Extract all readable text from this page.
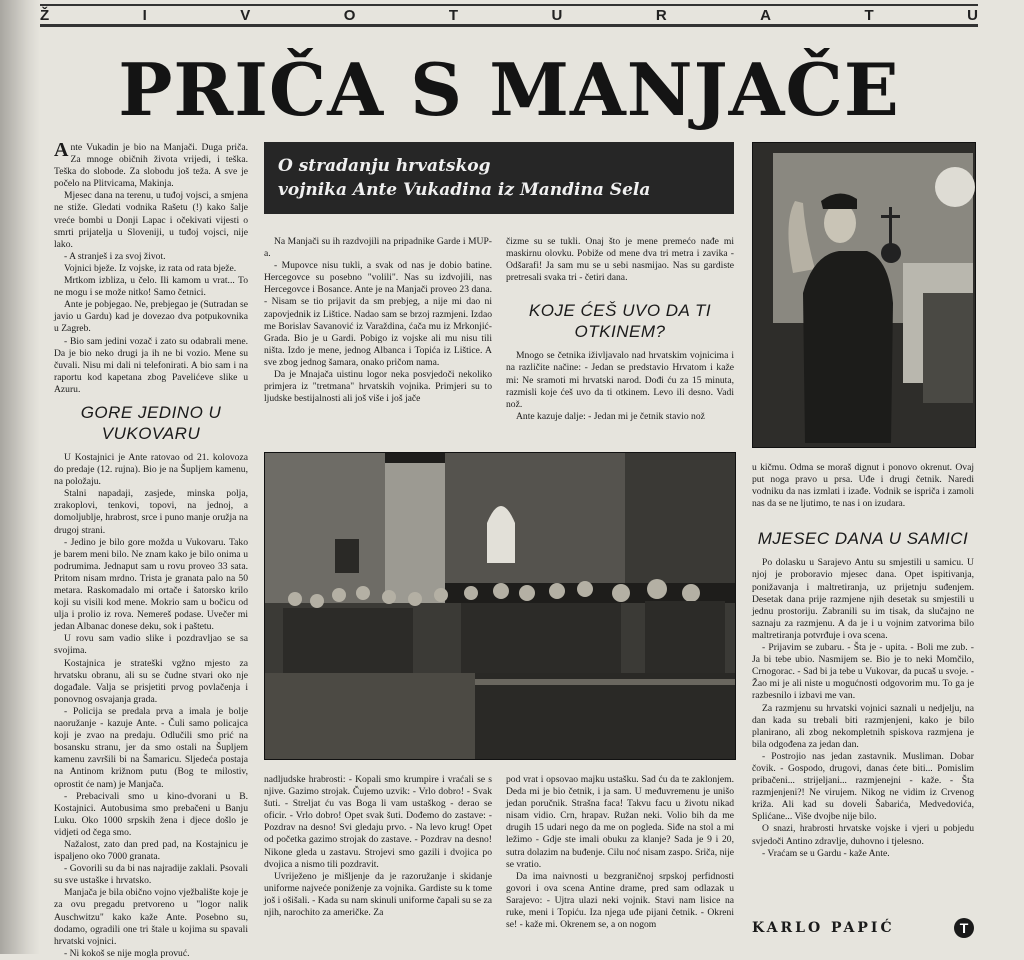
Ž	I	V	O	T	U	R	A	T	U
PRIČA S MANJAČE

Ante Vukadin je bio na Manjači. Duga priča. Za mnoge običnih života vrijedi, i teška. Teška do slobode. Za slobodu još teža. A sve je počelo na Plitvicama, Makinja.

Mjesec dana na terenu, u tuđoj vojsci, a smjena ne stiže. Gledati vodnika Rašetu (!) kako šalje vreće bombi u Donji Lapac i očekivati vijesti o smrti prijatelja u Sloveniji, u tuđoj vojsci, nije lako.

- A stranješ i za svoj život.

Vojnici bježe. Iz vojske, iz rata od rata bježe.

Mrtkom izbliza, u čelo. Ili kamom u vrat... To ne mogu i se može nitko! Samo četnici.

Ante je pobjegao. Ne, prebjegao je (Sutradan se javio u Gardu) kad je dovezao dva potpukovnika u Zagreb.

- Bio sam jedini vozač i zato su odabrali mene. Da je bio neko drugi ja ih ne bi vozio. Mene su čuvali. Nisu mi dali ni telefonirati. A bio sam i na raportu kod kapetana zbog Pavelićeve slike u Azuru.

GORE JEDINO U VUKOVARU

U Kostajnici je Ante ratovao od 21. kolovoza do predaje (12. rujna). Bio je na Šupljem kamenu, na položaju.

Stalni napadaji, zasjede, minska polja, zrakoplovi, tenkovi, topovi, na jednoj, a domoljublje, hrabrost, srce i puno manje oružja na drugoj strani.

- Jedino je bilo gore možda u Vukovaru. Tako je barem meni bilo. Ne znam kako je bilo onima u podrumima. Jednaput sam u rovu proveo 33 sata. Pritom nisam mrdno. Trista je granata palo na 50 metara. Raskomadalo mi ortače i šatorsko krilo koji su visili kod mene. Mokrio sam u bočicu od ulja i prolio iz rova. Nemereš podase. Uvečer mi jedan Albanac donese deku, sok i paštetu.

U rovu sam vadio slike i pozdravljao se sa svojima.

Kostajnica je strateški vgžno mjesto za hrvatsku obranu, ali su se čudne stvari oko nje događale. Valja se prisjetiti prvog povlačenja i ponovnog osvajanja grada.

- Policija se predala prva a imala je bolje naoružanje - kazuje Ante. - Čuli samo policajca koji je zvao na predaju. Odlučili smo prić na bosansku stranu, jer da smo ostali na Šupljem kamenu završili bi na Šamaricu. Sljedeća postaja na Antinom križnom putu (Bog te milostiv, oprostit će nam) je Manjača.

- Prebacivali smo u kino-dvorani u B. Kostajnici. Autobusima smo prebačeni u Banju Luku. Oko 1000 srpskih žena i djece došlo je vidjeti od čega smo.

Nažalost, zato dan pred pad, na Kostajnicu je ispaljeno oko 7000 granata.

- Govorili su da bi nas najradije zaklali. Psovali su sve ustaške i hrvatsko.

Manjača je bila obično vojno vježbalište koje je za ovu pregadu pretvoreno u "logor nalik Auschwitzu" kako kaže Ante. Posebno su, dodamo, ogradili one tri štale u kojima su spavali hrvatski vojnici.

- Ni kokoš se nije mogla provuć.

O stradanju hrvatskog
vojnika Ante Vukadina iz Mandina Sela

Na Manjači su ih razdvojili na pripadnike Garde i MUP-a.

- Mupovce nisu tukli, a svak od nas je dobio batine. Hercegovce su posebno "volili". Nas su izdvojili, nas Hercegovce i Bosance. Ante je na Manjači proveo 23 dana. - Nisam se tio prijavit da sm prebjeg, a nije mi dao ni zapovjednik iz Lištice. Nadao sam se brzoj razmjeni. Izdao me Borislav Savanović iz Varaždina, ćača mu iz Mrkonjić-Grada. Bio je u Gardi. Pobigo iz vojske ali mu nisu tili ništa. Izdo je mene, jednog Albanca i Topića iz Lištice. A sve zbog jednog šamara, onako pričom nama.

Da je Mnajača uistinu logor neka posvjedoči nekoliko primjera iz "tretmana" hrvatskih vojnika. Primjeri su to ljudske bestijalnosti ali još više i još jače

čizme su se tukli. Onaj što je mene premećo nađe mi maskirnu olovku. Pobiže od mene dva tri metra i zavika - Odšarafi! Ja sam mu se u sebi nasmijao. Nas su gardiste pretresali svaka tri - četiri dana.

KOJE ĆEŠ UVO DA TI OTKINEM?

Mnogo se četnika iživljavalo nad hrvatskim vojnicima i na različite načine: - Jedan se predstavio Hrvatom i kaže mi: Ne sramoti mi hrvatski narod. Dođi ću za 15 minuta, razmisli koje ćeš uvo da ti otkinem. Levo ili desno. Vadi nož.

Ante kazuje dalje: - Jedan mi je četnik stavio nož

nadljudske hrabrosti: - Kopali smo krumpire i vraćali se s njive. Gazimo strojak. Čujemo uzvik: - Vrlo dobro! - Svak šuti. - Streljat ću vas Boga li vam ustaškog - derao se oficir. - Vrlo dobro! Opet svak šuti. Dođemo do zastave: - Pozdrav na desno! Svi gledaju prvo. - Na levo krug! Opet od početka gazimo strojak do zastave. - Pozdrav na desno! Nikone gleda u zastavu. Strojevi smo gazili i dvojica po dvojica a nismo tili pozdravit.

Uvriježeno je mišljenje da je razoružanje i skidanje uniforme najveće poniženje za vojnika. Gardiste su k tome još i ošišali. - Kada su nam skinuli uniforme čapali su se za njih, narochito za američke. Za

pod vrat i opsovao majku ustašku. Sad ću da te zaklonjem. Deda mi je bio četnik, i ja sam. U međuvremenu je unišo jedan poručnik. Strašna faca! Takvu facu u životu nikad nisam vidio. Crn, hrapav. Ružan neki. Volio bih da me drugih 15 udari nego da me on pogleda. Siđe na stol a mi ležimo - Gdje ste imali obuku za klanje? Sada je 9 i 20, sutra dolazim na buđenje. Cilu noć nisam zaspo. Sriča, nije se vratio.

Da ima naivnosti u bezgraničnoj srpskoj perfidnosti govori i ova scena Antine drame, pred sam odlazak u Sarajevo: - Ujtra ulazi neki vojnik. Stavi nam lisice na ruke, meni i Topiću. Iza njega uđe pijani četnik. - Okreni se! - kaže mi. Okrenem se, a on nogom

u kičmu. Odma se moraš dignut i ponovo okrenut. Ovaj put noga pravo u prsa. Uđe i drugi četnik. Naredi vodniku da nas izmlati i izađe. Vodnik se ispriča i zamoli nas da se ne ljutimo, te nas i on izudara.

MJESEC DANA U SAMICI

Po dolasku u Sarajevo Antu su smjestili u samicu. U njoj je proboravio mjesec dana. Opet ispitivanja, ponižavanja i maltretiranja, uz prijetnju suđenjem. Desetak dana prije razmjene njih desetak su smjestili u jednu prostoriju. Zabranili su im tisak, da slučajno ne saznaju za razmjenu. A da je i u vojnim zatvorima bilo maltretiranja potvrđuje i ova scena.

- Prijavim se zubaru. - Šta je - upita. - Boli me zub. - Ja bi tebe ubio. Nasmijem se. Bio je to neki Momčilo, Crnogorac. - Sad bi ja tebe u Vukovar, da pucaš u svoje. - Žao mi je ali niste u mogućnosti odgovorim mu. To ga je razbesnilo i izbavi me van.

Za razmjenu su hrvatski vojnici saznali u nedjelju, na dan kada su trebali biti razmjenjeni, kako je bilo planirano, ali zbog nekompletnih spiskova razmjena je bila odgođena za jedan dan.

- Postrojio nas jedan zastavnik. Musliman. Dobar čovik. - Gospodo, drugovi, danas ćete biti... Pomislim pribačeni... strijeljani... razmjenejni - kaže. - Šta razmjenjeni?! Ne virujem. Nikog ne vidim iz Crvenog križa. Ali kad su doveli Šabarića, Medvedovića, Splićane... Više dvojbe nije bilo.

O snazi, hrabrosti hrvatske vojske i vjeri u pobjedu svjedoči Antino zdravlje, duhovno i tjelesno.

- Vraćam se u Gardu - kaže Ante.

KARLO PAPIĆ	T
